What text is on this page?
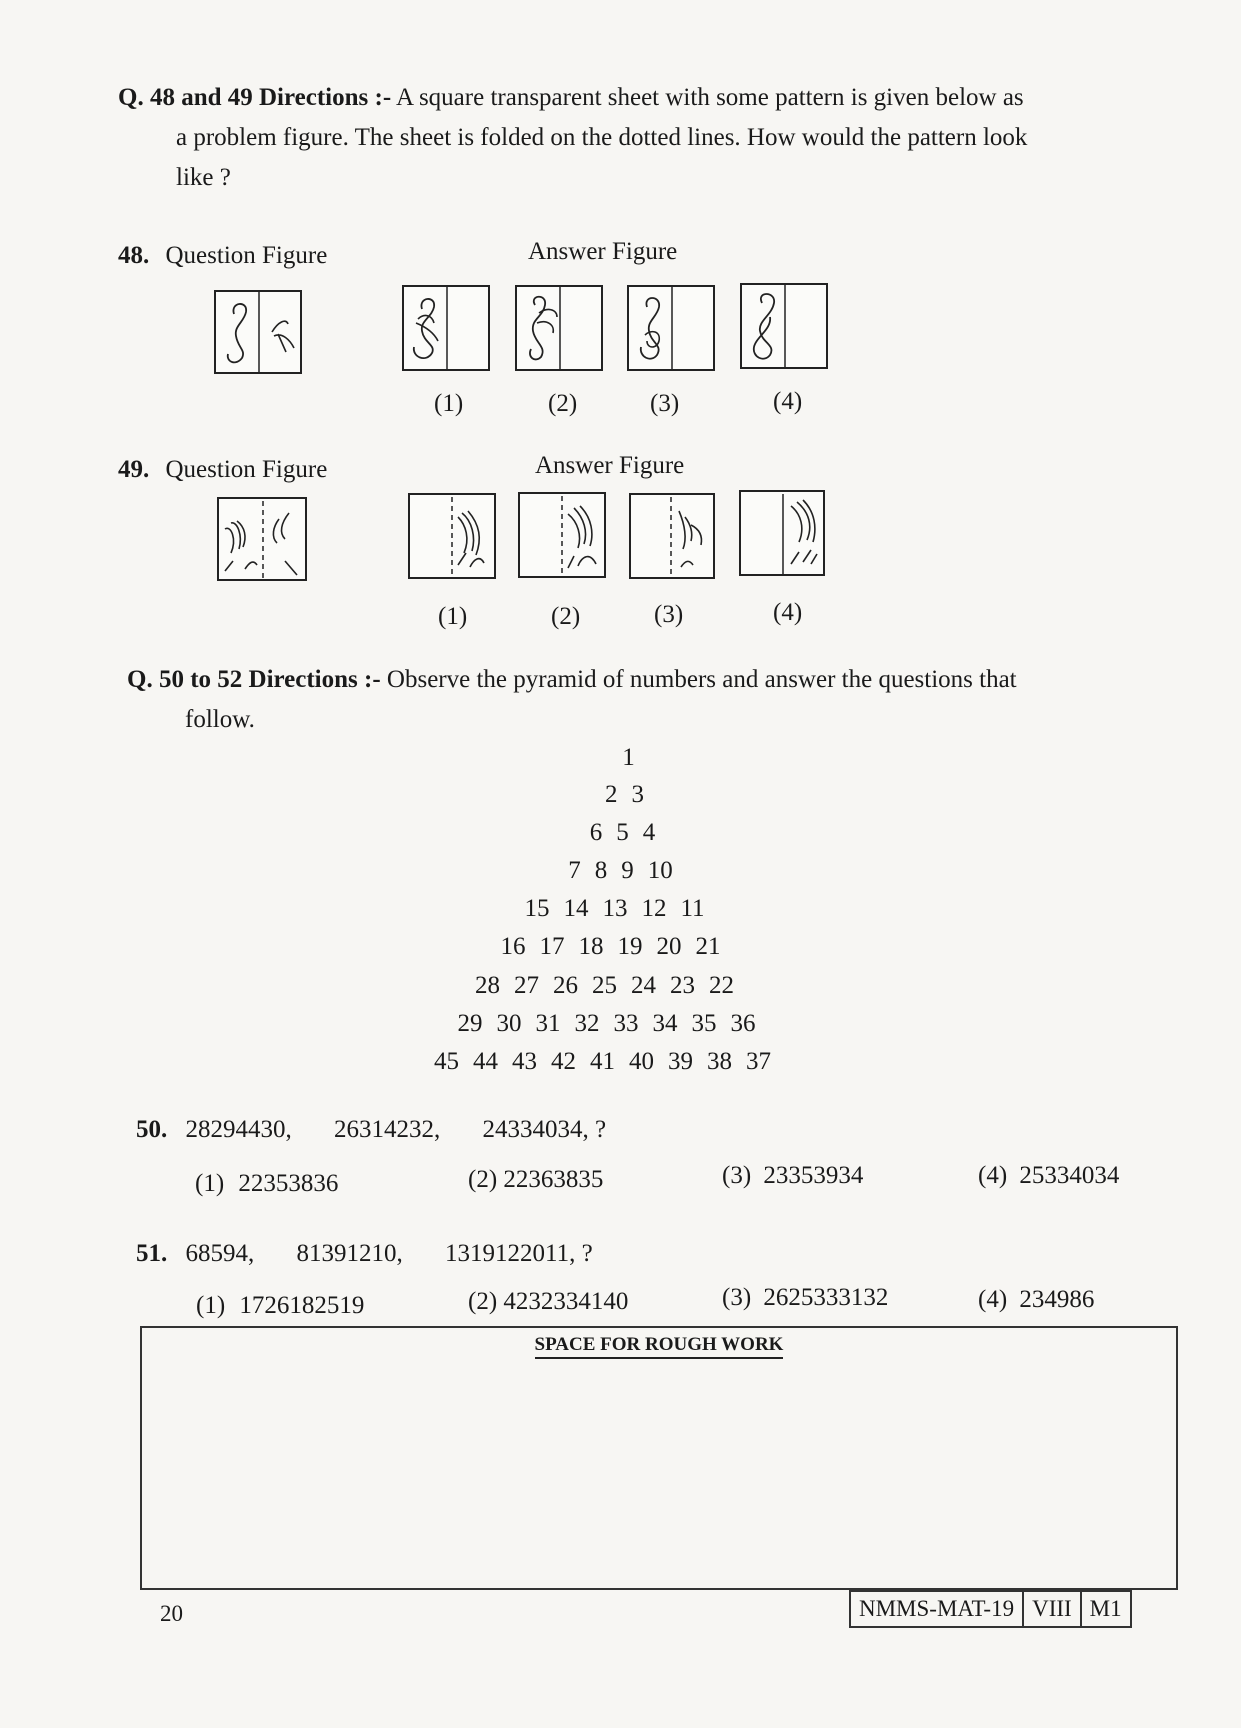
Q. 48 and 49 Directions :- A square transparent sheet with some pattern is given below as
a problem figure. The sheet is folded on the dotted lines. How would the pattern look
like ?
48. Question Figure	Answer Figure
(1)	(2)	(3)	(4)
49. Question Figure	Answer Figure
(1)	(2)	(3)	(4)
Q. 50 to 52 Directions :- Observe the pyramid of numbers and answer the questions that
follow.
1
2 3
6 5 4
7 8 9 10
15 14 13 12 11
16 17 18 19 20 21
28 27 26 25 24 23 22
29 30 31 32 33 34 35 36
45 44 43 42 41 40 39 38 37
50. 28294430, 26314232, 24334034, ?
(1) 22353836	(2) 22363835	(3) 23353934	(4) 25334034
51. 68594, 81391210, 1319122011, ?
(1) 1726182519	(2) 4232334140	(3) 2625333132	(4) 234986
SPACE FOR ROUGH WORK
20	NMMS-MAT-19 VIII M1
